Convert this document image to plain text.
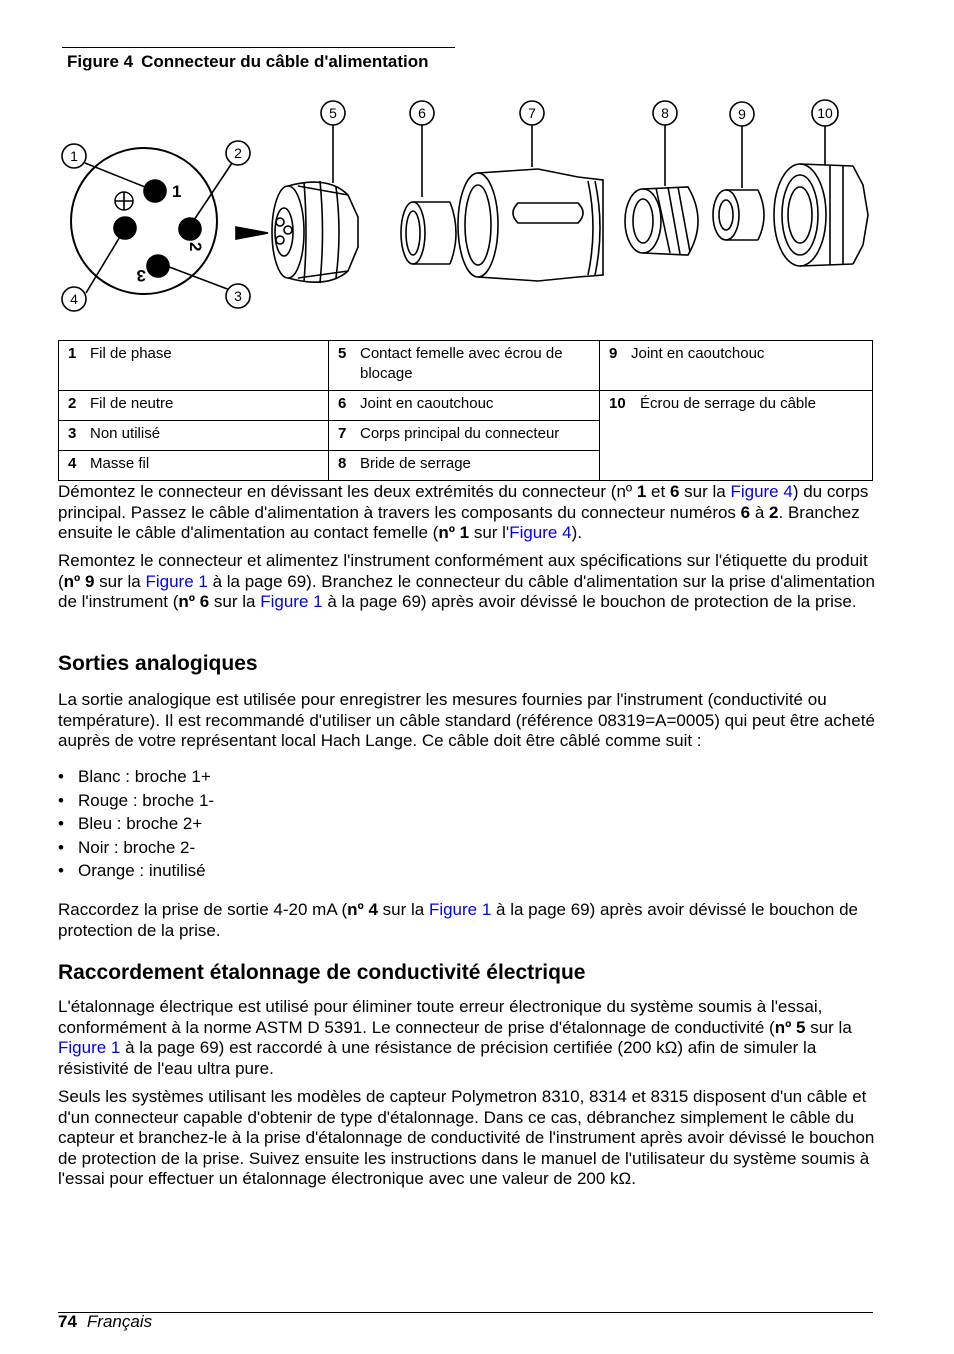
Figure 4 Connecteur du câble d'alimentation
1
2
3
1	2
3
4
5	6	7	8	9	10
1 Fil de phase	5 Contact femelle avec écrou de blocage	9 Joint en caoutchouc

2 Fil de neutre	6 Joint en caoutchouc	10 Écrou de serrage du câble

3 Non utilisé	7 Corps principal du connecteur	

4 Masse fil	8 Bride de serrage	
Démontez le connecteur en dévissant les deux extrémités du connecteur (nº 1 et 6 sur la Figure 4) du corps principal. Passez le câble d'alimentation à travers les composants du connecteur numéros 6 à 2. Branchez ensuite le câble d'alimentation au contact femelle (nº 1 sur l'Figure 4).
Remontez le connecteur et alimentez l'instrument conformément aux spécifications sur l'étiquette du produit (nº 9 sur la Figure 1 à la page 69). Branchez le connecteur du câble d'alimentation sur la prise d'alimentation de l'instrument (nº 6 sur la Figure 1 à la page 69) après avoir dévissé le bouchon de protection de la prise.
Sorties analogiques
La sortie analogique est utilisée pour enregistrer les mesures fournies par l'instrument (conductivité ou température). Il est recommandé d'utiliser un câble standard (référence 08319=A=0005) qui peut être acheté auprès de votre représentant local Hach Lange. Ce câble doit être câblé comme suit :
• Blanc : broche 1+
• Rouge : broche 1-
• Bleu : broche 2+
• Noir : broche 2-
• Orange : inutilisé
Raccordez la prise de sortie 4-20 mA (nº 4 sur la Figure 1 à la page 69) après avoir dévissé le bouchon de protection de la prise.
Raccordement étalonnage de conductivité électrique
L'étalonnage électrique est utilisé pour éliminer toute erreur électronique du système soumis à l'essai, conformément à la norme ASTM D 5391. Le connecteur de prise d'étalonnage de conductivité (nº 5 sur la Figure 1 à la page 69) est raccordé à une résistance de précision certifiée (200 kΩ) afin de simuler la résistivité de l'eau ultra pure.
Seuls les systèmes utilisant les modèles de capteur Polymetron 8310, 8314 et 8315 disposent d'un câble et d'un connecteur capable d'obtenir de type d'étalonnage. Dans ce cas, débranchez simplement le câble du capteur et branchez-le à la prise d'étalonnage de conductivité de l'instrument après avoir dévissé le bouchon de protection de la prise. Suivez ensuite les instructions dans le manuel de l'utilisateur du système soumis à l'essai pour effectuer un étalonnage électronique avec une valeur de 200 kΩ.
74 Français
